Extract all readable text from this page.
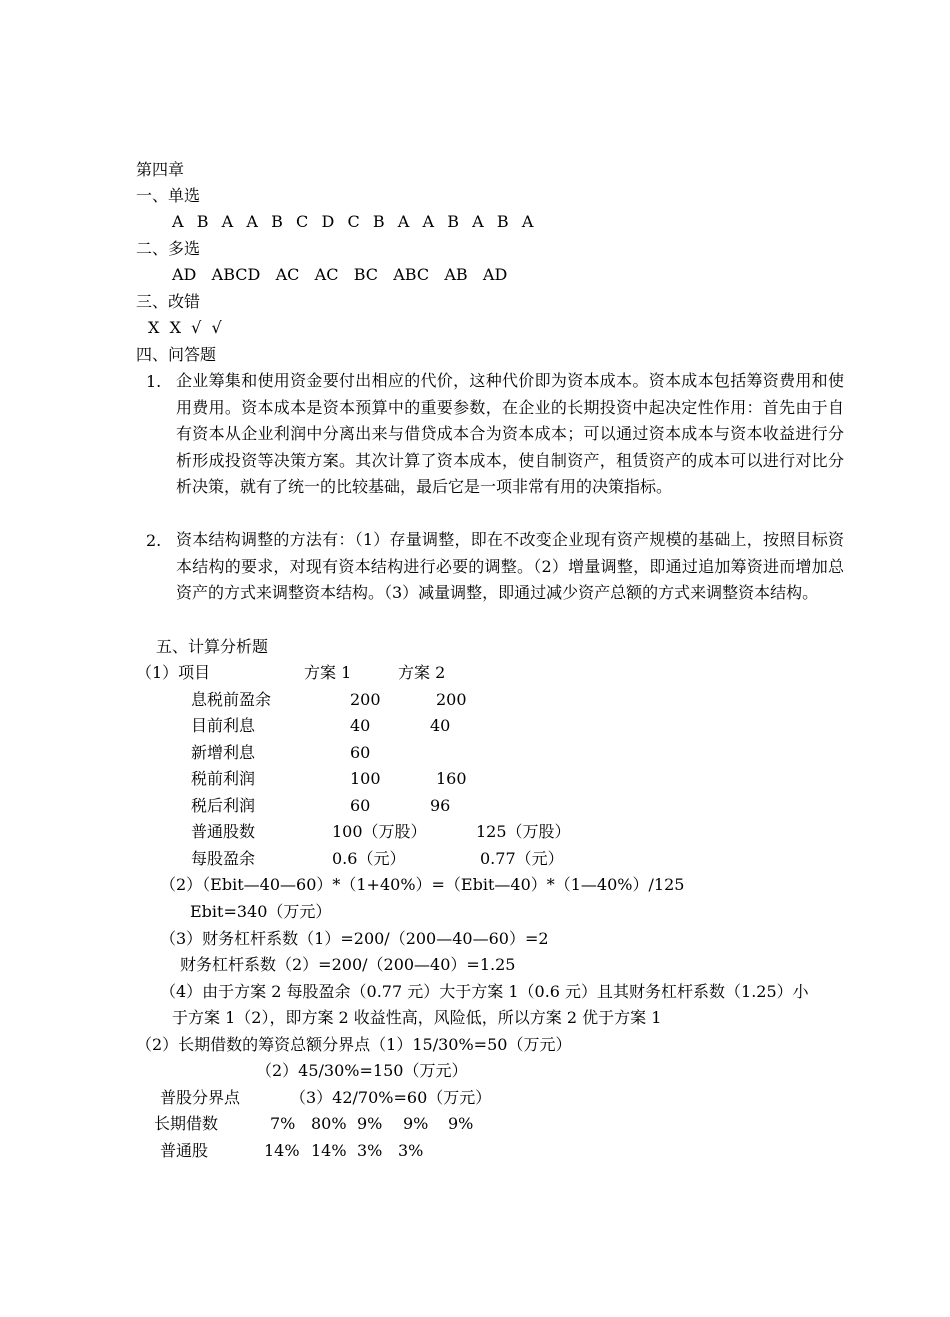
第四章
一、单选
A  B  A  A  B  C  D  C  B  A  A  B  A  B  A
二、多选
AD   ABCD   AC   AC   BC   ABC   AB   AD
三、改错
X  X  √  √
四、问答题
1. 企业筹集和使用资金要付出相应的代价，这种代价即为资本成本。资本成本包括筹资费用和使用费用。资本成本是资本预算中的重要参数，在企业的长期投资中起决定性作用：首先由于自有资本从企业利润中分离出来与借贷成本合为资本成本；可以通过资本成本与资本收益进行分析形成投资等决策方案。其次计算了资本成本，使自制资产，租赁资产的成本可以进行对比分析决策，就有了统一的比较基础，最后它是一项非常有用的决策指标。
2. 资本结构调整的方法有：（1）存量调整，即在不改变企业现有资产规模的基础上，按照目标资本结构的要求，对现有资本结构进行必要的调整。（2）增量调整，即通过追加筹资进而增加总资产的方式来调整资本结构。（3）减量调整，即通过减少资产总额的方式来调整资本结构。
五、计算分析题
（1）项目	方案 1	方案 2
息税前盈余	200	200
目前利息	40	40
新增利息	60
税前利润	100	160
税后利润	60	96
普通股数	100（万股）	125（万股）
每股盈余	0.6（元）	0.77（元）
（2）（Ebit—40—60）*（1+40%）=（Ebit—40）*（1—40%）/125
Ebit=340（万元）
（3）财务杠杆系数（1）=200/（200—40—60）=2
财务杠杆系数（2）=200/（200—40）=1.25
（4）由于方案 2 每股盈余（0.77 元）大于方案 1（0.6 元）且其财务杠杆系数（1.25）小
于方案 1（2），即方案 2 收益性高，风险低，所以方案 2 优于方案 1
（2）长期借数的筹资总额分界点（1）15/30%=50（万元）
（2）45/30%=150（万元）
普股分界点	（3）42/70%=60（万元）
长期借数	7% 80% 9% 9% 9%
普通股	14% 14% 3% 3%
